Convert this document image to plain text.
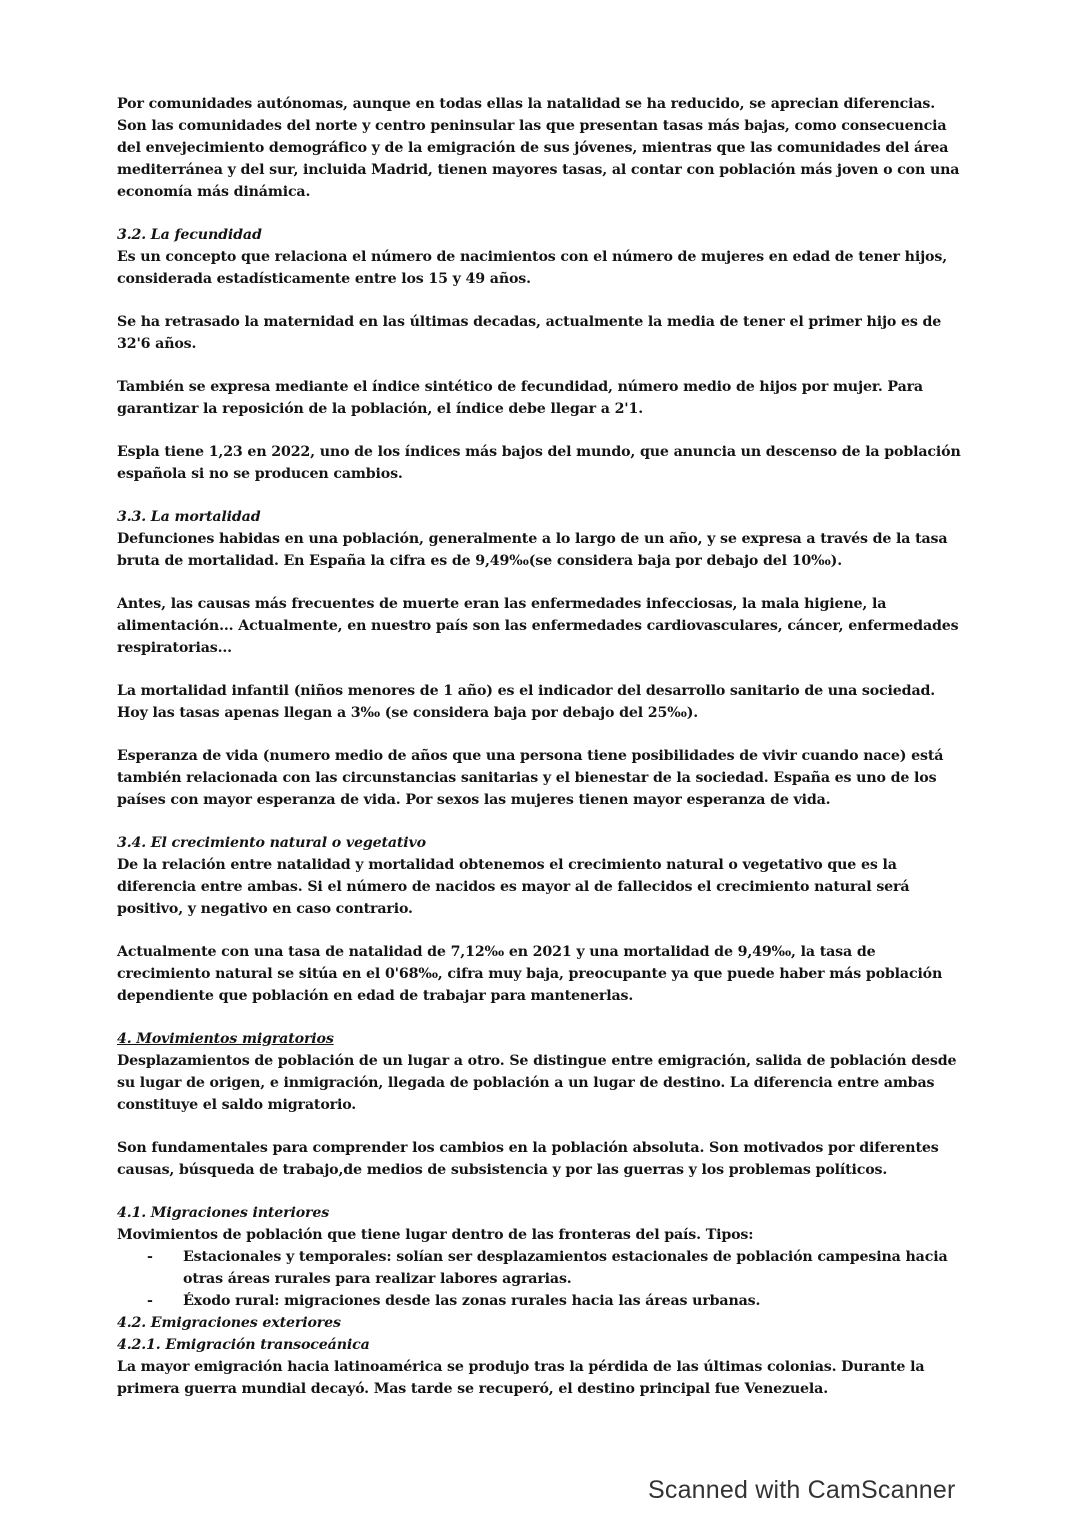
Por comunidades autónomas, aunque en todas ellas la natalidad se ha reducido, se aprecian diferencias. Son las comunidades del norte y centro peninsular las que presentan tasas más bajas, como consecuencia del envejecimiento demográfico y de la emigración de sus jóvenes, mientras que las comunidades del área mediterránea y del sur, incluida Madrid, tienen mayores tasas, al contar con población más joven o con una economía más dinámica.

3.2. La fecundidad

Es un concepto que relaciona el número de nacimientos con el número de mujeres en edad de tener hijos, considerada estadísticamente entre los 15 y 49 años.

Se ha retrasado la maternidad en las últimas decadas, actualmente la media de tener el primer hijo es de 32'6 años.

También se expresa mediante el índice sintético de fecundidad, número medio de hijos por mujer. Para garantizar la reposición de la población, el índice debe llegar a 2'1.

Espla tiene 1,23 en 2022, uno de los índices más bajos del mundo, que anuncia un descenso de la población española si no se producen cambios.

3.3. La mortalidad

Defunciones habidas en una población, generalmente a lo largo de un año, y se expresa a través de la tasa bruta de mortalidad. En España la cifra es de 9,49‰(se considera baja por debajo del 10‰).

Antes, las causas más frecuentes de muerte eran las enfermedades infecciosas, la mala higiene, la alimentación... Actualmente, en nuestro país son las enfermedades cardiovasculares, cáncer, enfermedades respiratorias...

La mortalidad infantil (niños menores de 1 año) es el indicador del desarrollo sanitario de una sociedad. Hoy las tasas apenas llegan a 3‰ (se considera baja por debajo del 25‰).

Esperanza de vida (numero medio de años que una persona tiene posibilidades de vivir cuando nace) está también relacionada con las circunstancias sanitarias y el bienestar de la sociedad. España es uno de los países con mayor esperanza de vida. Por sexos las mujeres tienen mayor esperanza de vida.

3.4. El crecimiento natural o vegetativo

De la relación entre natalidad y mortalidad obtenemos el crecimiento natural o vegetativo que es la diferencia entre ambas. Si el número de nacidos es mayor al de fallecidos el crecimiento natural será positivo, y negativo en caso contrario.

Actualmente con una tasa de natalidad de 7,12‰ en 2021 y una mortalidad de 9,49‰, la tasa de crecimiento natural se sitúa en el 0'68‰, cifra muy baja, preocupante ya que puede haber más población dependiente que población en edad de trabajar para mantenerlas.

4. Movimientos migratorios

Desplazamientos de población de un lugar a otro. Se distingue entre emigración, salida de población desde su lugar de origen, e inmigración, llegada de población a un lugar de destino. La diferencia entre ambas constituye el saldo migratorio.

Son fundamentales para comprender los cambios en la población absoluta. Son motivados por diferentes causas, búsqueda de trabajo,de medios de subsistencia y por las guerras y los problemas políticos.

4.1. Migraciones interiores

Movimientos de población que tiene lugar dentro de las fronteras del país. Tipos:

- Estacionales y temporales: solían ser desplazamientos estacionales de población campesina hacia otras áreas rurales para realizar labores agrarias.
- Éxodo rural: migraciones desde las zonas rurales hacia las áreas urbanas.

4.2. Emigraciones exteriores

4.2.1. Emigración transoceánica

La mayor emigración hacia latinoamérica se produjo tras la pérdida de las últimas colonias. Durante la primera guerra mundial decayó. Mas tarde se recuperó, el destino principal fue Venezuela.

Scanned with CamScanner
